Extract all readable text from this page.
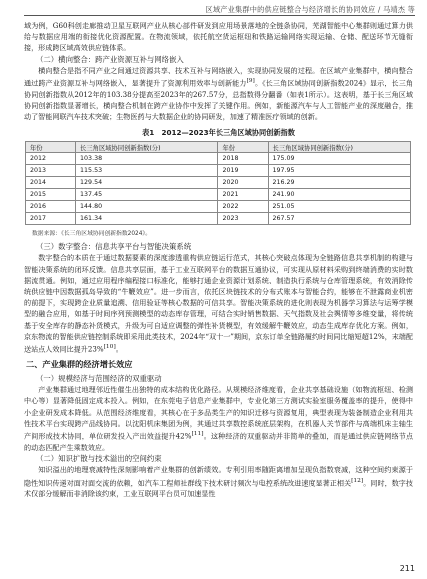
区域产业集群中的供应链整合与经济增长的协同效应 / 马靖杰 等

域为例，G60科创走廊推动卫星互联网产业从核心部件研发到应用场景落地的全链条协同，芜湖智能中心集群则通过算力供给与数据应用端的衔接优化资源配置。在物流领域，依托航空货运枢纽和铁路运输网络实现运输、仓储、配送环节无缝衔接，形成跨区域高效供应链体系。

（二）横向整合：跨产业资源互补与网络嵌入

横向整合是指不同产业之间通过资源共享、技术互补与网络嵌入，实现协同发展的过程。在区域产业集群中，横向整合通过跨产业资源互补与网络嵌入，显著提升了资源利用效率与创新能力[9]。《长三角区域协同创新指数2024》显示，长三角协同创新指数从2012年的103.38分提高至2023年的267.57分，总指数得分翻番（如表1所示）。这表明，基于长三角区域协同创新指数显著增长，横向整合机制在跨产业协作中发挥了关键作用。例如，新能源汽车与人工智能产业的深度融合，推动了智能网联汽车技术突破；生物医药与大数据企业的协同研发，加速了精准医疗领域的创新。

表1　2012—2023年长三角区域协同创新指数
年份	长三角区域协同创新指数(分)	年份	长三角区域协同创新指数(分)
2012	103.38	2018	175.09
2013	115.53	2019	197.95
2014	129.54	2020	216.29
2015	137.45	2021	241.90
2016	144.80	2022	251.05
2017	161.34	2023	267.57
数据来源：《长三角区域协同创新指数2024》。
（三）数字整合：信息共享平台与智能决策系统

数字整合的本质在于通过数据要素的深度渗透重构供应链运行范式，其核心突破点体现为全链路信息共享机制的构建与智能决策系统的闭环反馈。信息共享层面，基于工业互联网平台的数据互通协议，可实现从原材料采购到终端消费的实时数据流贯通。例如，通过应用程序编程接口标准化，能够打通企业资源计划系统、制造执行系统与仓库管理系统，有效消除传统供应链中因数据孤岛导致的“牛鞭效应”。进一步而言，依托区块链技术的分布式账本与智能合约，能够在不泄露商业机密的前提下，实现跨企业质量追溯、信用验证等核心数据的可信共享。智能决策系统的进化则表现为机器学习算法与运筹学模型的融合应用，如基于时间序列预测模型的动态库存管理，可结合实时销售数据、天气指数及社会舆情等多维变量，将传统基于安全库存的静态补货模式，升级为可自适应调整的弹性补货模型，有效缓解牛鞭效应，动态生成库存优化方案。例如，京东物流的智能供应链控制系统即采用此类技术，2024年“双十一”期间，京东订单全链路履约时间同比缩短超12%，末端配送站点人效同比提升23%[10]。

二、产业集群的经济增长效应
（一）规模经济与范围经济的双重驱动

产业集群通过地理邻近性催生出独特的成本结构优化路径。从规模经济维度看，企业共享基础设施（如物流枢纽、检测中心等）显著降低固定成本投入。例如，在东莞电子信息产业集群中，专业化第三方测试实验室服务覆盖率的提升，使得中小企业研发成本降低。从范围经济维度看，其核心在于多品类生产的知识迁移与资源复用，典型表现为装备制造企业利用共性技术平台实现跨产品线协同。以沈阳机床集团为例，其通过共享数控系统底层架构，在机器人关节部件与高端机床主轴生产间形成技术协同，单位研发投入产出效益提升42%[11]。这种经济的双重驱动并非简单的叠加，而是通过供应链网络节点的动态匹配产生乘数效应。

（二）知识扩散与技术溢出的空间约束

知识溢出的地理衰减特性深刻影响着产业集群的创新绩效。专利引用率随距离增加呈现负指数衰减，这种空间约束源于隐性知识传递对面对面交流的依赖，如汽车工程师社群线下技术研讨频次与电控系统改进速度显著正相关[12]。同时，数字技术仅部分缓解而非消除该约束，工业互联网平台员可加速显性

211
